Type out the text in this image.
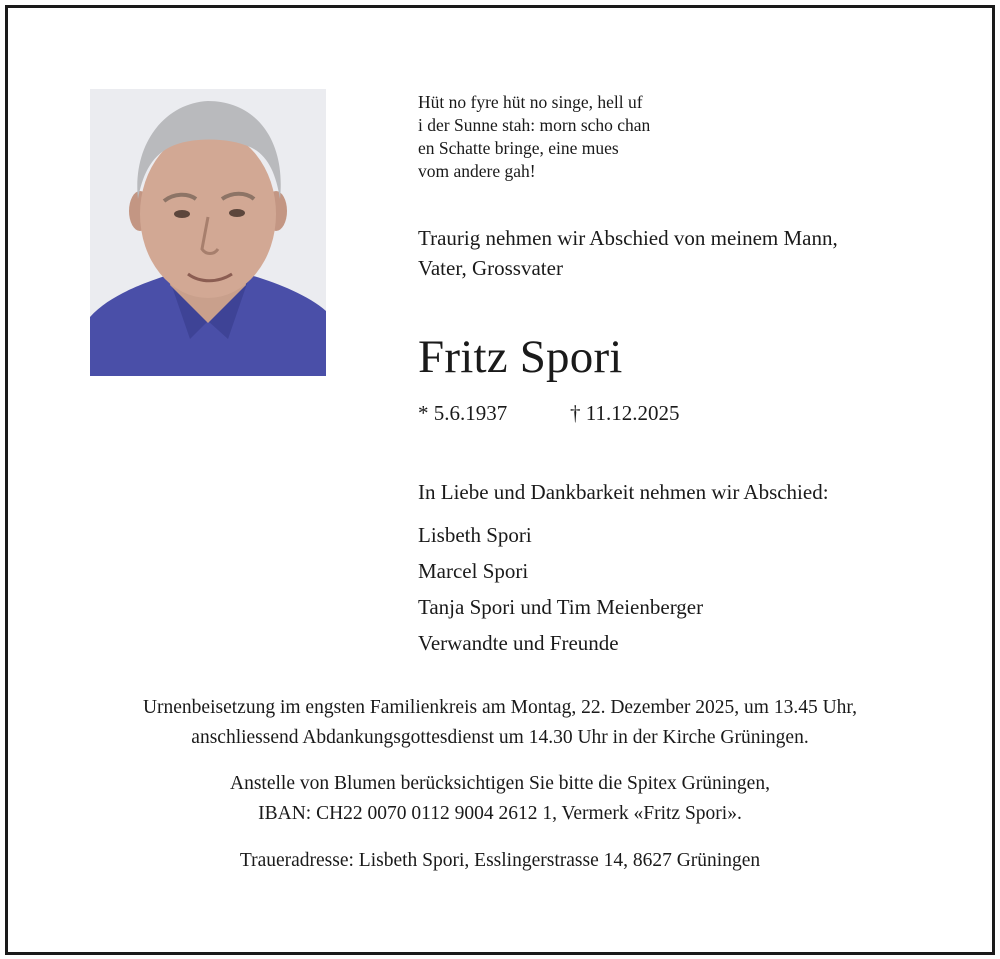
Hüt no fyre hüt no singe, hell uf
i der Sunne stah: morn scho chan
en Schatte bringe, eine mues
vom andere gah!
Traurig nehmen wir Abschied von meinem Mann,
Vater, Grossvater
Fritz Spori
* 5.6.1937	† 11.12.2025
In Liebe und Dankbarkeit nehmen wir Abschied:
Lisbeth Spori
Marcel Spori
Tanja Spori und Tim Meienberger
Verwandte und Freunde
Urnenbeisetzung im engsten Familienkreis am Montag, 22. Dezember 2025, um 13.45 Uhr,
anschliessend Abdankungsgottesdienst um 14.30 Uhr in der Kirche Grüningen.
Anstelle von Blumen berücksichtigen Sie bitte die Spitex Grüningen,
IBAN: CH22 0070 0112 9004 2612 1, Vermerk «Fritz Spori».
Traueradresse: Lisbeth Spori, Esslingerstrasse 14, 8627 Grüningen
